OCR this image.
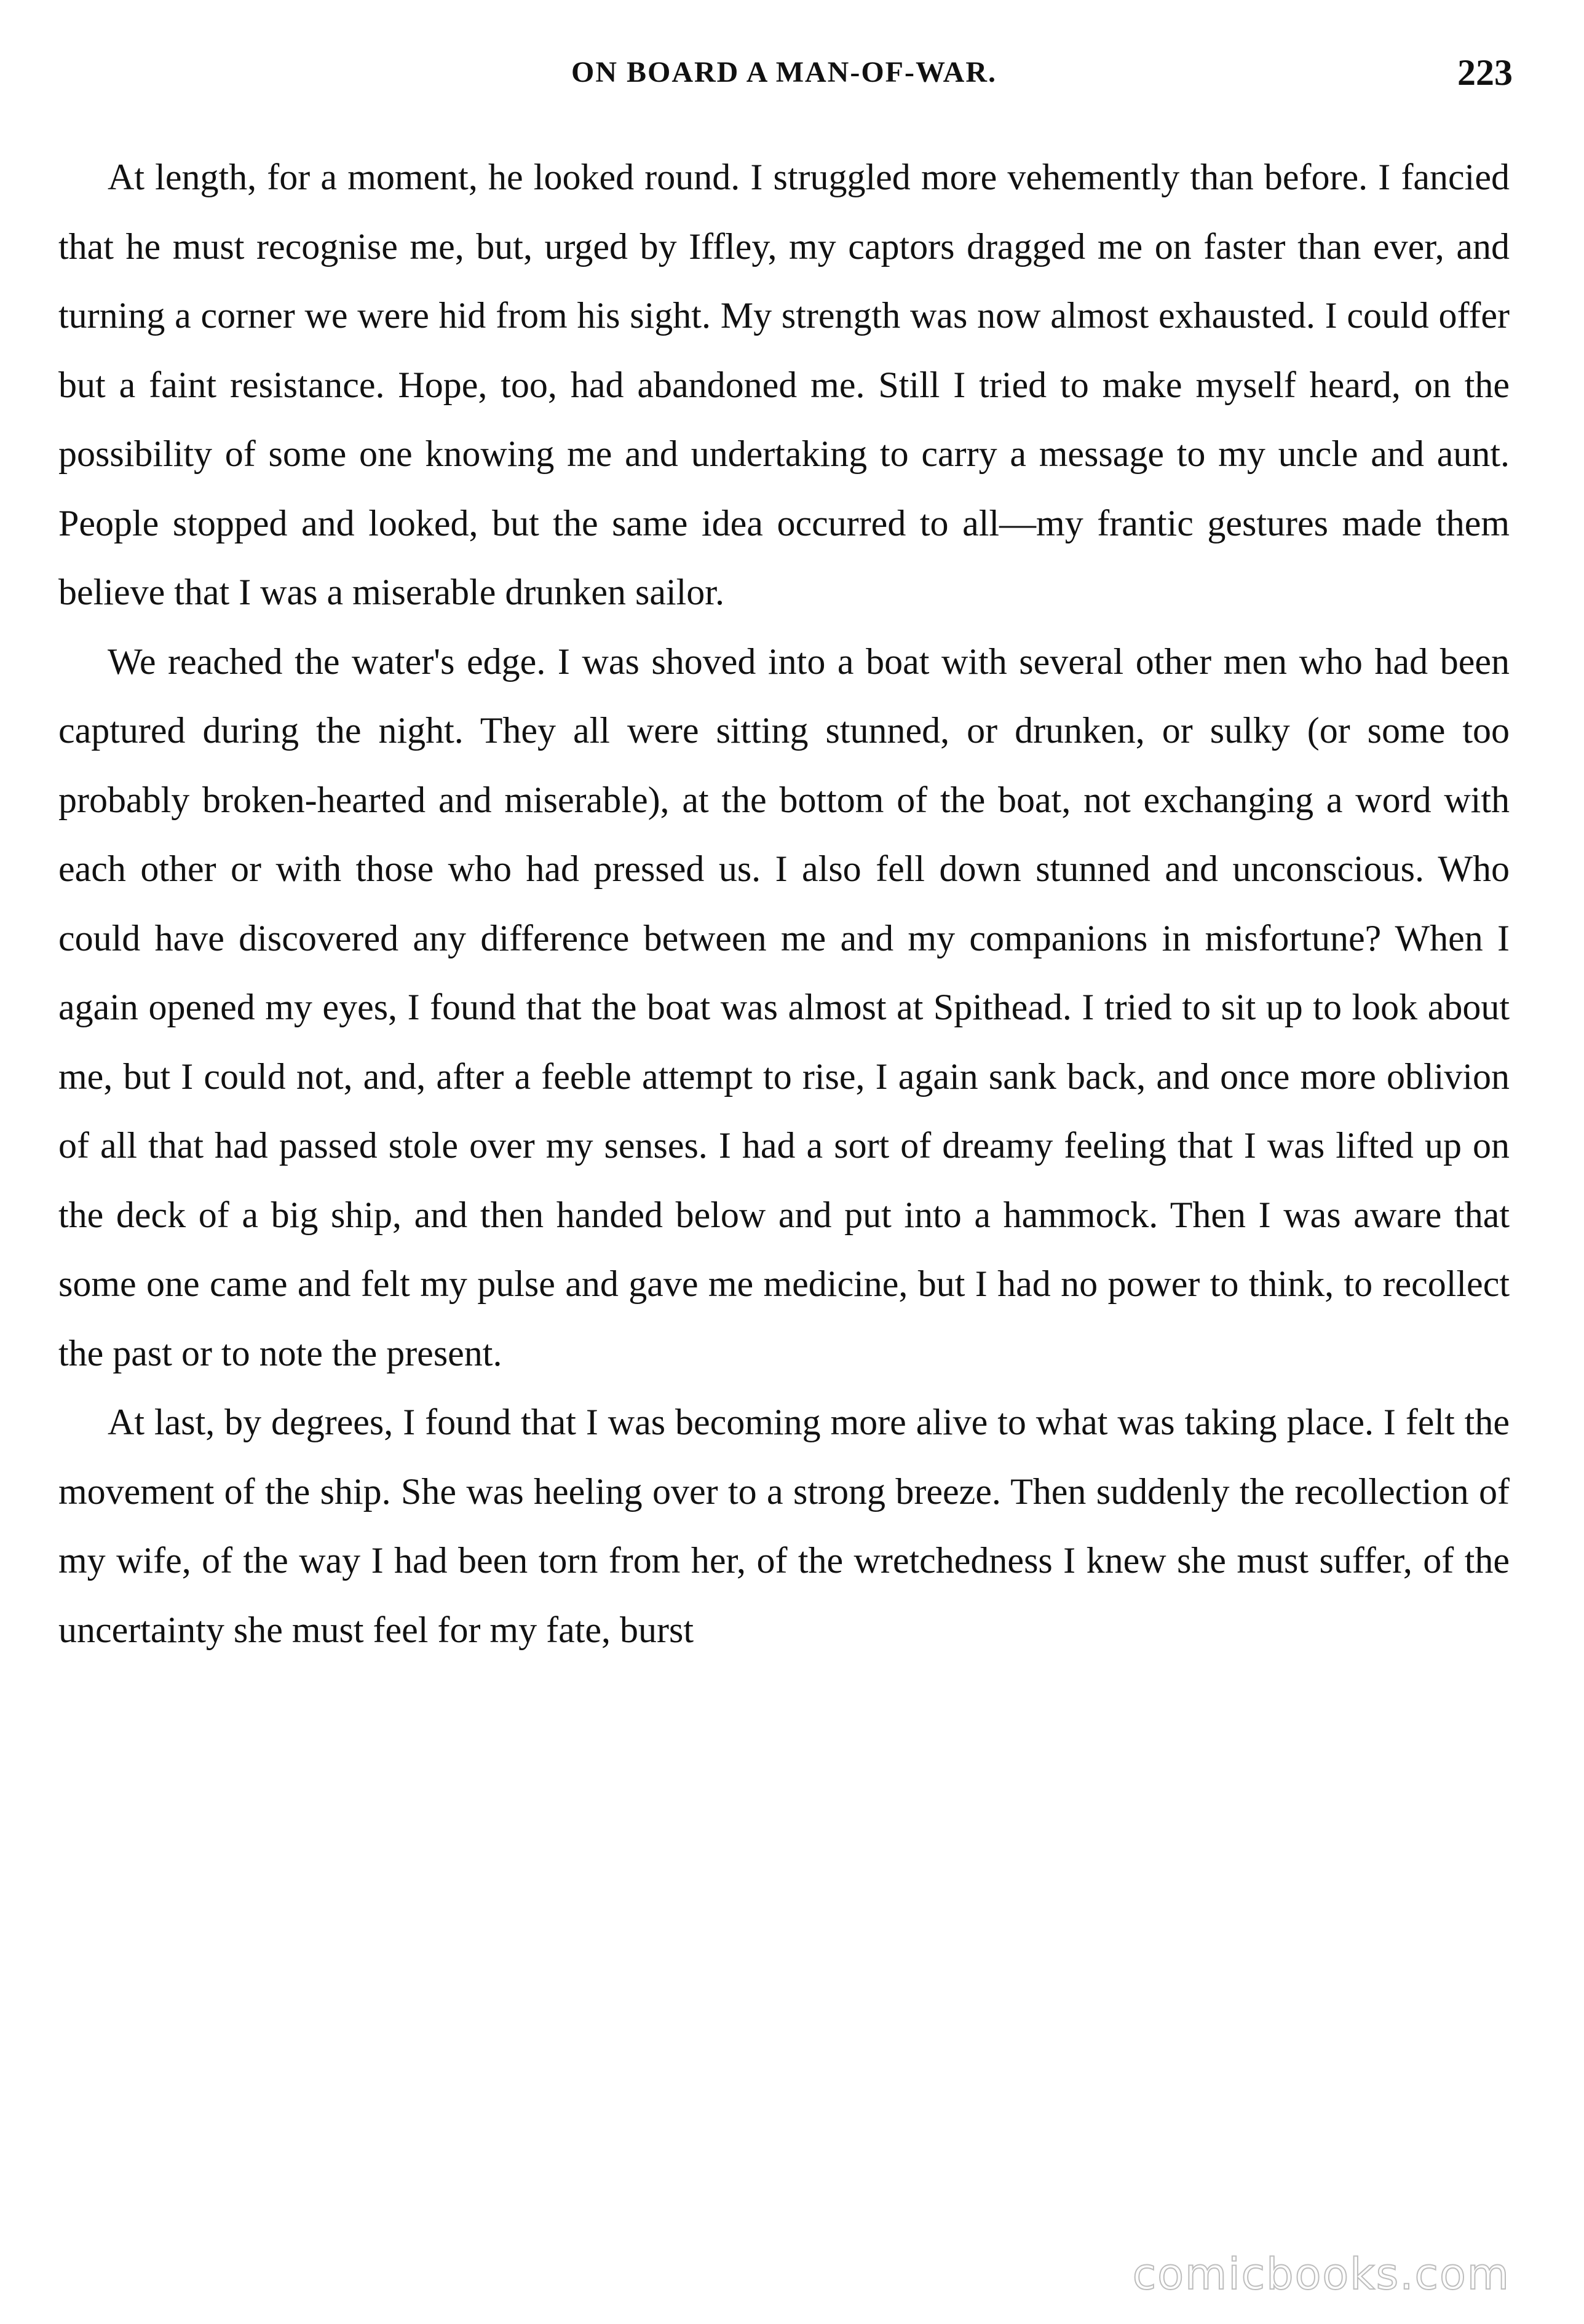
ON BOARD A MAN-OF-WAR.	223

At length, for a moment, he looked round. I struggled more vehemently than before. I fancied that he must recognise me, but, urged by Iffley, my captors dragged me on faster than ever, and turning a corner we were hid from his sight. My strength was now almost exhausted. I could offer but a faint resistance. Hope, too, had abandoned me. Still I tried to make myself heard, on the possibility of some one knowing me and undertaking to carry a message to my uncle and aunt. People stopped and looked, but the same idea occurred to all—my frantic gestures made them believe that I was a miserable drunken sailor.

We reached the water's edge. I was shoved into a boat with several other men who had been captured during the night. They all were sitting stunned, or drunken, or sulky (or some too probably broken-hearted and miserable), at the bottom of the boat, not exchanging a word with each other or with those who had pressed us. I also fell down stunned and unconscious. Who could have discovered any difference between me and my companions in misfortune? When I again opened my eyes, I found that the boat was almost at Spithead. I tried to sit up to look about me, but I could not, and, after a feeble attempt to rise, I again sank back, and once more oblivion of all that had passed stole over my senses. I had a sort of dreamy feeling that I was lifted up on the deck of a big ship, and then handed below and put into a hammock. Then I was aware that some one came and felt my pulse and gave me medicine, but I had no power to think, to recollect the past or to note the present.

At last, by degrees, I found that I was becoming more alive to what was taking place. I felt the movement of the ship. She was heeling over to a strong breeze. Then suddenly the recollection of my wife, of the way I had been torn from her, of the wretchedness I knew she must suffer, of the uncertainty she must feel for my fate, burst

comicbooks.com
